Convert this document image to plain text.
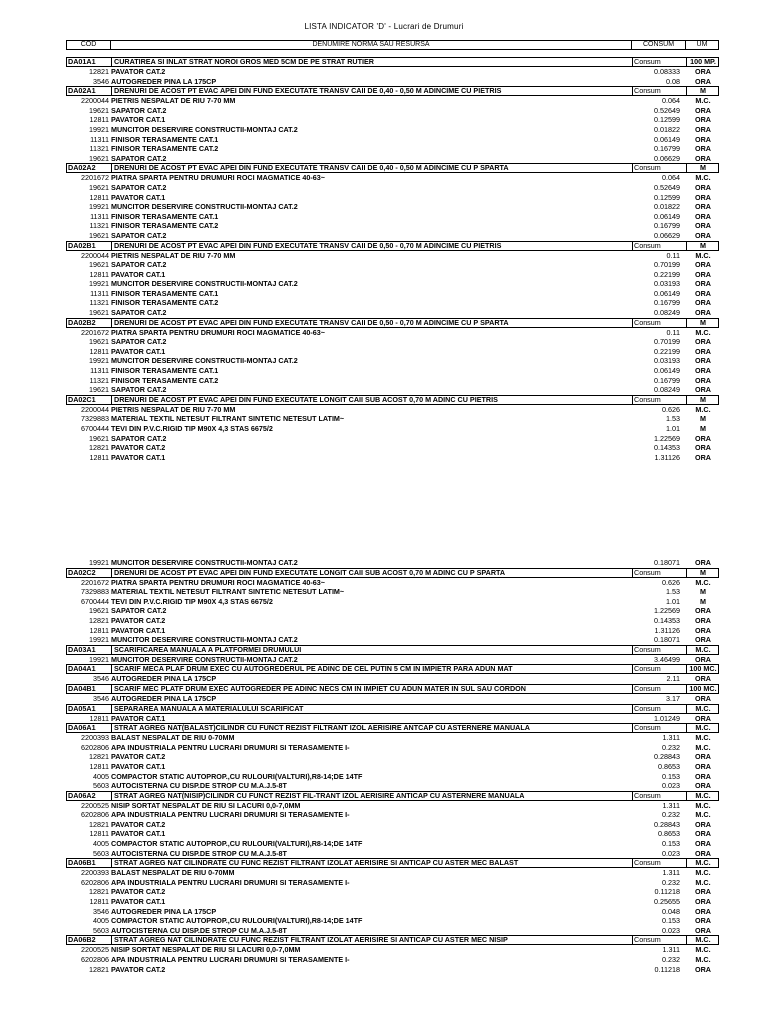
LISTA INDICATOR 'D' - Lucrari de Drumuri
COD	DENUMIRE NORMA SAU RESURSA	CONSUM	UM
DA01A1	CURATIREA SI INLAT STRAT NOROI GROS MED 5CM DE PE STRAT RUTIER	Consum	100 MP.
12821 PAVATOR CAT.2	0.08333	ORA
3546 AUTOGREDER PINA LA 175CP	0.08	ORA
DA02A1	DRENURI DE ACOST PT EVAC APEI DIN FUND EXECUTATE TRANSV CAII DE 0,40 - 0,50 M ADINCIME CU PIETRIS	Consum	M
2200044 PIETRIS NESPALAT DE RIU 7-70 MM	0.064	M.C.
19621 SAPATOR CAT.2	0.52649	ORA
12811 PAVATOR CAT.1	0.12599	ORA
19921 MUNCITOR DESERVIRE CONSTRUCTII-MONTAJ CAT.2	0.01822	ORA
11311 FINISOR TERASAMENTE CAT.1	0.06149	ORA
11321 FINISOR TERASAMENTE CAT.2	0.16799	ORA
19621 SAPATOR CAT.2	0.06629	ORA
DA02A2	DRENURI DE ACOST PT EVAC APEI DIN FUND EXECUTATE TRANSV CAII DE 0,40 - 0,50 M ADINCIME CU P SPARTA	Consum	M
2201672 PIATRA SPARTA PENTRU DRUMURI ROCI MAGMATICE 40-63~	0.064	M.C.
19621 SAPATOR CAT.2	0.52649	ORA
12811 PAVATOR CAT.1	0.12599	ORA
19921 MUNCITOR DESERVIRE CONSTRUCTII-MONTAJ CAT.2	0.01822	ORA
11311 FINISOR TERASAMENTE CAT.1	0.06149	ORA
11321 FINISOR TERASAMENTE CAT.2	0.16799	ORA
19621 SAPATOR CAT.2	0.06629	ORA
DA02B1	DRENURI DE ACOST PT EVAC APEI DIN FUND EXECUTATE TRANSV CAII DE 0,50 - 0,70 M ADINCIME CU PIETRIS	Consum	M
2200044 PIETRIS NESPALAT DE RIU 7-70 MM	0.11	M.C.
19621 SAPATOR CAT.2	0.70199	ORA
12811 PAVATOR CAT.1	0.22199	ORA
19921 MUNCITOR DESERVIRE CONSTRUCTII-MONTAJ CAT.2	0.03193	ORA
11311 FINISOR TERASAMENTE CAT.1	0.06149	ORA
11321 FINISOR TERASAMENTE CAT.2	0.16799	ORA
19621 SAPATOR CAT.2	0.08249	ORA
DA02B2	DRENURI DE ACOST PT EVAC APEI DIN FUND EXECUTATE TRANSV CAII DE 0,50 - 0,70 M ADINCIME CU P SPARTA	Consum	M
2201672 PIATRA SPARTA PENTRU DRUMURI ROCI MAGMATICE 40-63~	0.11	M.C.
19621 SAPATOR CAT.2	0.70199	ORA
12811 PAVATOR CAT.1	0.22199	ORA
19921 MUNCITOR DESERVIRE CONSTRUCTII-MONTAJ CAT.2	0.03193	ORA
11311 FINISOR TERASAMENTE CAT.1	0.06149	ORA
11321 FINISOR TERASAMENTE CAT.2	0.16799	ORA
19621 SAPATOR CAT.2	0.08249	ORA
DA02C1	DRENURI DE ACOST PT EVAC APEI DIN FUND EXECUTATE LONGIT CAII SUB ACOST 0,70 M ADINC CU PIETRIS	Consum	M
2200044 PIETRIS NESPALAT DE RIU 7-70 MM	0.626	M.C.
7329883 MATERIAL TEXTIL NETESUT FILTRANT SINTETIC NETESUT LATIM~	1.53	M
6700444 TEVI DIN P.V.C.RIGID TIP M90X 4,3 STAS 6675/2	1.01	M
19621 SAPATOR CAT.2	1.22569	ORA
12821 PAVATOR CAT.2	0.14353	ORA
12811 PAVATOR CAT.1	1.31126	ORA
19921 MUNCITOR DESERVIRE CONSTRUCTII-MONTAJ CAT.2	0.18071	ORA
DA02C2	DRENURI DE ACOST PT EVAC APEI DIN FUND EXECUTATE LONGIT CAII SUB ACOST 0,70 M ADINC CU P SPARTA	Consum	M
2201672 PIATRA SPARTA PENTRU DRUMURI ROCI MAGMATICE 40-63~	0.626	M.C.
7329883 MATERIAL TEXTIL NETESUT FILTRANT SINTETIC NETESUT LATIM~	1.53	M
6700444 TEVI DIN P.V.C.RIGID TIP M90X 4,3 STAS 6675/2	1.01	M
19621 SAPATOR CAT.2	1.22569	ORA
12821 PAVATOR CAT.2	0.14353	ORA
12811 PAVATOR CAT.1	1.31126	ORA
19921 MUNCITOR DESERVIRE CONSTRUCTII-MONTAJ CAT.2	0.18071	ORA
DA03A1	SCARIFICAREA MANUALA A PLATFORMEI DRUMULUI	Consum	M.C.
19921 MUNCITOR DESERVIRE CONSTRUCTII-MONTAJ CAT.2	3.46499	ORA
DA04A1	SCARIF MECA PLAF DRUM EXEC CU AUTOGREDERUL PE ADINC DE CEL PUTIN 5 CM IN IMPIETR PARA ADUN MAT	Consum	100 MC.
3546 AUTOGREDER PINA LA 175CP	2.11	ORA
DA04B1	SCARIF MEC PLATF DRUM EXEC AUTOGREDER PE ADINC NECS CM IN IMPIET CU ADUN MATER IN SUL SAU CORDON	Consum	100 MC.
3546 AUTOGREDER PINA LA 175CP	3.17	ORA
DA05A1	SEPARAREA MANUALA A MATERIALULUI SCARIFICAT	Consum	M.C.
12811 PAVATOR CAT.1	1.01249	ORA
DA06A1	STRAT AGREG NAT(BALAST)CILINDR CU FUNCT REZIST FILTRANT IZOL AERISIRE ANTCAP CU ASTERNERE MANUALA	Consum	M.C.
2200393 BALAST NESPALAT DE RIU 0-70MM	1.311	M.C.
6202806 APA INDUSTRIALA PENTRU LUCRARI DRUMURI SI TERASAMENTE I-	0.232	M.C.
12821 PAVATOR CAT.2	0.28843	ORA
12811 PAVATOR CAT.1	0.8653	ORA
4005 COMPACTOR STATIC AUTOPROP.,CU RULOURI(VALTURI),R8-14;DE 14TF	0.153	ORA
5603 AUTOCISTERNA CU DISP.DE STROP CU M.A.J.5-8T	0.023	ORA
DA06A2	STRAT AGREG NAT(NISIP)CILINDR CU FUNCT REZIST FIL-TRANT IZOL AERISIRE ANTICAP CU ASTERNERE MANUALA	Consum	M.C.
2200525 NISIP SORTAT NESPALAT DE RIU SI LACURI 0,0-7,0MM	1.311	M.C.
6202806 APA INDUSTRIALA PENTRU LUCRARI DRUMURI SI TERASAMENTE I-	0.232	M.C.
12821 PAVATOR CAT.2	0.28843	ORA
12811 PAVATOR CAT.1	0.8653	ORA
4005 COMPACTOR STATIC AUTOPROP.,CU RULOURI(VALTURI),R8-14;DE 14TF	0.153	ORA
5603 AUTOCISTERNA CU DISP.DE STROP CU M.A.J.5-8T	0.023	ORA
DA06B1	STRAT AGREG NAT CILINDRATE CU FUNC REZIST FILTRANT IZOLAT AERISIRE SI ANTICAP CU ASTER MEC BALAST	Consum	M.C.
2200393 BALAST NESPALAT DE RIU 0-70MM	1.311	M.C.
6202806 APA INDUSTRIALA PENTRU LUCRARI DRUMURI SI TERASAMENTE I-	0.232	M.C.
12821 PAVATOR CAT.2	0.11218	ORA
12811 PAVATOR CAT.1	0.25655	ORA
3546 AUTOGREDER PINA LA 175CP	0.048	ORA
4005 COMPACTOR STATIC AUTOPROP.,CU RULOURI(VALTURI),R8-14;DE 14TF	0.153	ORA
5603 AUTOCISTERNA CU DISP.DE STROP CU M.A.J.5-8T	0.023	ORA
DA06B2	STRAT AGREG NAT CILINDRATE CU FUNC REZIST FILTRANT IZOLAT AERISIRE SI ANTICAP CU ASTER MEC NISIP	Consum	M.C.
2200525 NISIP SORTAT NESPALAT DE RIU SI LACURI 0,0-7,0MM	1.311	M.C.
6202806 APA INDUSTRIALA PENTRU LUCRARI DRUMURI SI TERASAMENTE I-	0.232	M.C.
12821 PAVATOR CAT.2	0.11218	ORA
